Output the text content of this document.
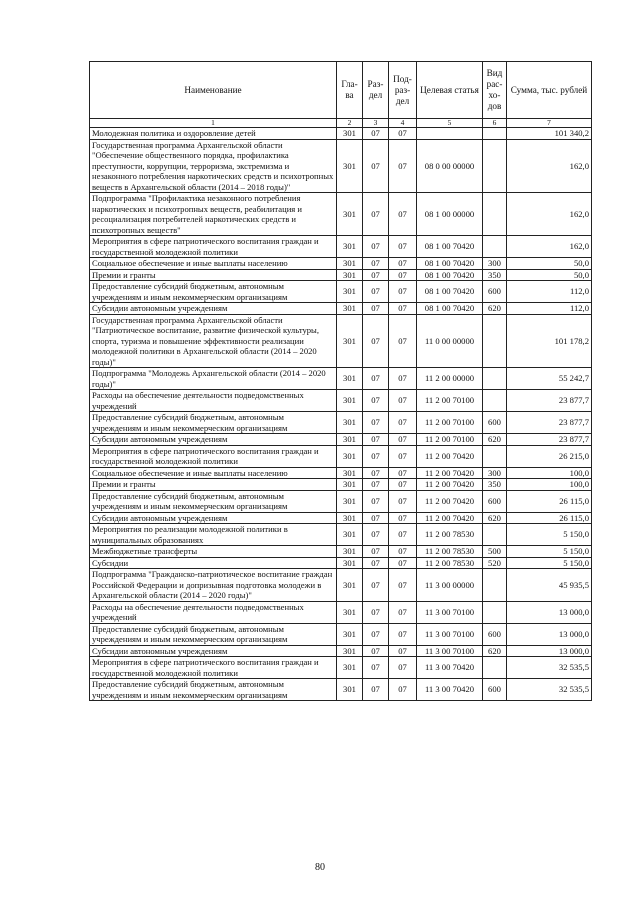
Наименование	Гла-ва	Раз-дел	Под-раз-дел	Целевая статья	Вид рас-хо-дов	Сумма, тыс. рублей
1	2	3	4	5	6	7
Молодежная политика и оздоровление детей	301	07	07			101 340,2
Государственная программа Архангельской области "Обеспечение общественного порядка, профилактика преступности, коррупции, терроризма, экстремизма и незаконного потребления наркотических средств и психотропных веществ в Архангельской области (2014 – 2018 годы)"	301	07	07	08 0 00 00000		162,0
Подпрограмма "Профилактика незаконного потребления наркотических и психотропных веществ, реабилитация и ресоциализация потребителей наркотических средств и психотропных веществ"	301	07	07	08 1 00 00000		162,0
Мероприятия в сфере патриотического воспитания граждан и государственной молодежной политики	301	07	07	08 1 00 70420		162,0
Социальное обеспечение и иные выплаты населению	301	07	07	08 1 00 70420	300	50,0
Премии и гранты	301	07	07	08 1 00 70420	350	50,0
Предоставление субсидий бюджетным, автономным учреждениям и иным некоммерческим организациям	301	07	07	08 1 00 70420	600	112,0
Субсидии автономным учреждениям	301	07	07	08 1 00 70420	620	112,0
Государственная программа Архангельской области "Патриотическое воспитание, развитие физической культуры, спорта, туризма и повышение эффективности реализации молодежной политики в Архангельской области (2014 – 2020 годы)"	301	07	07	11 0 00 00000		101 178,2
Подпрограмма "Молодежь Архангельской области (2014 – 2020 годы)"	301	07	07	11 2 00 00000		55 242,7
Расходы на обеспечение деятельности подведомственных учреждений	301	07	07	11 2 00 70100		23 877,7
Предоставление субсидий бюджетным, автономным учреждениям и иным некоммерческим организациям	301	07	07	11 2 00 70100	600	23 877,7
Субсидии автономным учреждениям	301	07	07	11 2 00 70100	620	23 877,7
Мероприятия в сфере патриотического воспитания граждан и государственной молодежной политики	301	07	07	11 2 00 70420		26 215,0
Социальное обеспечение и иные выплаты населению	301	07	07	11 2 00 70420	300	100,0
Премии и гранты	301	07	07	11 2 00 70420	350	100,0
Предоставление субсидий бюджетным, автономным учреждениям и иным некоммерческим организациям	301	07	07	11 2 00 70420	600	26 115,0
Субсидии автономным учреждениям	301	07	07	11 2 00 70420	620	26 115,0
Мероприятия по реализации молодежной политики в муниципальных образованиях	301	07	07	11 2 00 78530		5 150,0
Межбюджетные трансферты	301	07	07	11 2 00 78530	500	5 150,0
Субсидии	301	07	07	11 2 00 78530	520	5 150,0
Подпрограмма "Гражданско-патриотическое воспитание граждан Российской Федерации и допризывная подготовка молодежи в Архангельской области (2014 – 2020 годы)"	301	07	07	11 3 00 00000		45 935,5
Расходы на обеспечение деятельности подведомственных учреждений	301	07	07	11 3 00 70100		13 000,0
Предоставление субсидий бюджетным, автономным учреждениям и иным некоммерческим организациям	301	07	07	11 3 00 70100	600	13 000,0
Субсидии автономным учреждениям	301	07	07	11 3 00 70100	620	13 000,0
Мероприятия в сфере патриотического воспитания граждан и государственной молодежной политики	301	07	07	11 3 00 70420		32 535,5
Предоставление субсидий бюджетным, автономным учреждениям и иным некоммерческим организациям	301	07	07	11 3 00 70420	600	32 535,5
80
